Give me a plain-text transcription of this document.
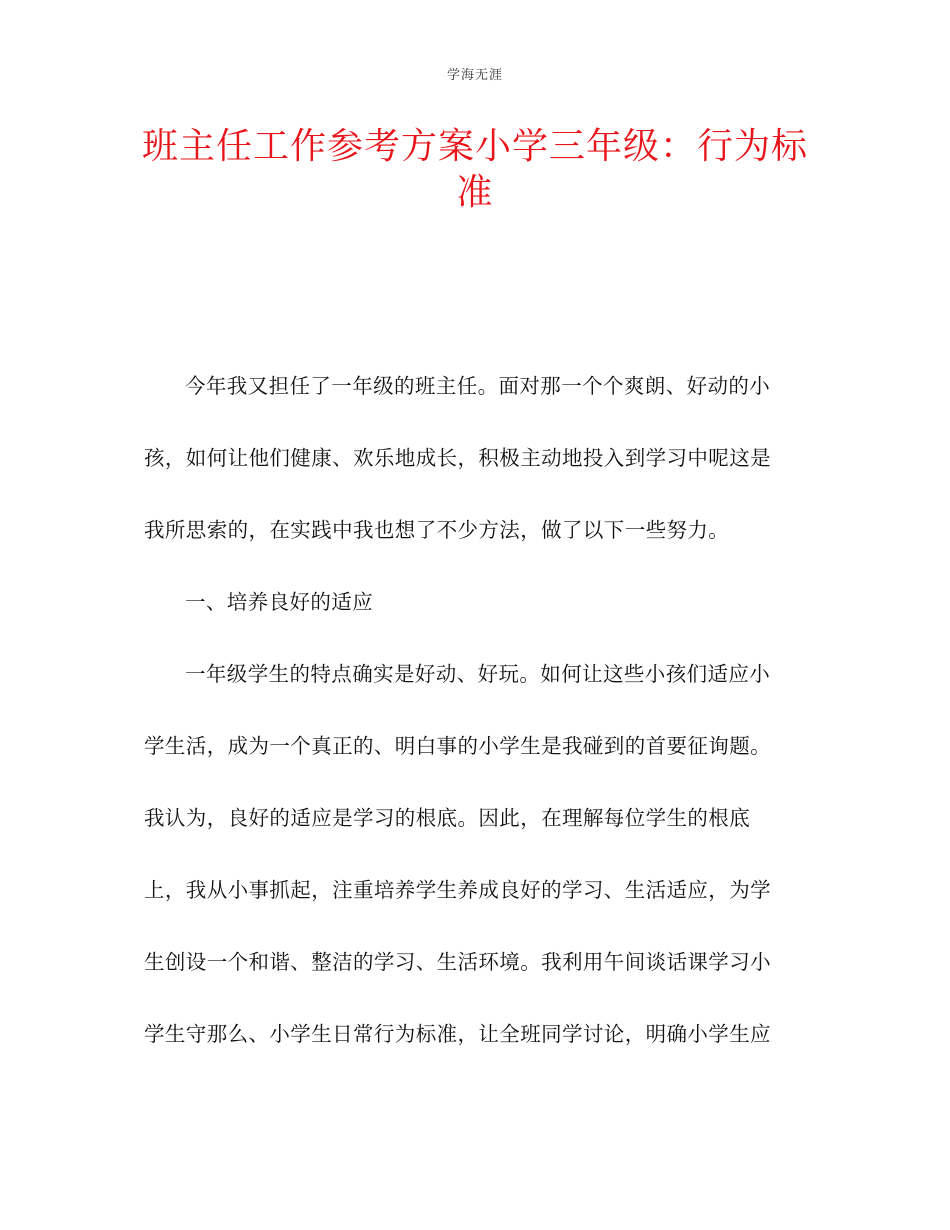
学海无涯
班主任工作参考方案小学三年级：行为标
准
今年我又担任了一年级的班主任。面对那一个个爽朗、好动的小
孩，如何让他们健康、欢乐地成长，积极主动地投入到学习中呢这是
我所思索的，在实践中我也想了不少方法，做了以下一些努力。
一、培养良好的适应
一年级学生的特点确实是好动、好玩。如何让这些小孩们适应小
学生活，成为一个真正的、明白事的小学生是我碰到的首要征询题。
我认为，良好的适应是学习的根底。因此，在理解每位学生的根底
上，我从小事抓起，注重培养学生养成良好的学习、生活适应，为学
生创设一个和谐、整洁的学习、生活环境。我利用午间谈话课学习小
学生守那么、小学生日常行为标准，让全班同学讨论，明确小学生应
